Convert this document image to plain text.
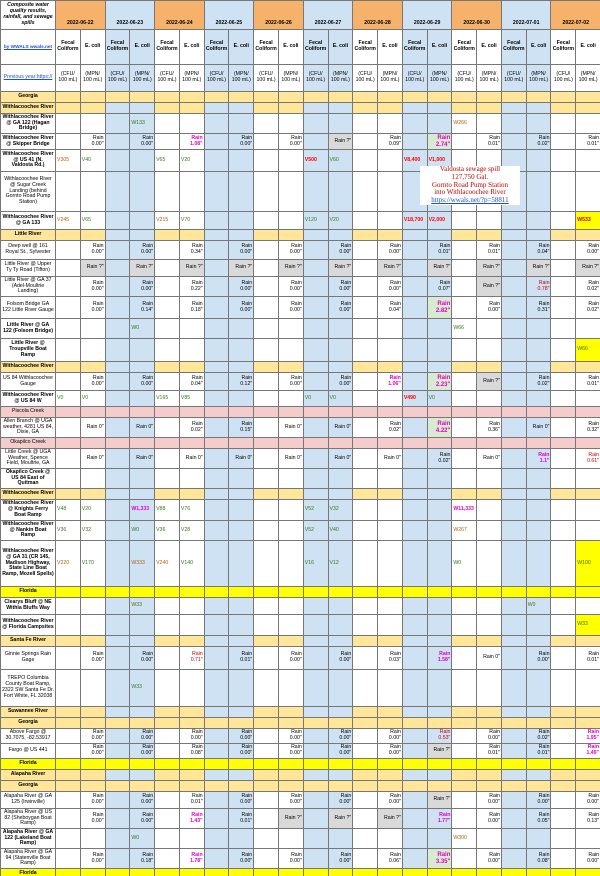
Composite water quality results, rainfall, and sewage spills	2022-06-22		2022-06-23		2022-06-24		2022-06-25		2022-06-26		2022-06-27		2022-06-28		2022-06-29		2022-06-30		2022-07-01		2022-07-02	
by WWALS wwals.net	Fecal Coliform	E. coli	Fecal Coliform	E. coli	Fecal Coliform	E. coli	Fecal Coliform	E. coli	Fecal Coliform	E. coli	Fecal Coliform	E. coli	Fecal Coliform	E. coli	Fecal Coliform	E. coli	Fecal Coliform	E. coli	Fecal Coliform	E. coli	Fecal Coliform	E. coli
Previous year:https://	(CFU/ 100 mL)	(MPN/ 100 mL)	(CFU/ 100 mL)	(MPN/ 100 mL)	(CFU/ 100 mL)	(MPN/ 100 mL)	(CFU/ 100 mL)	(MPN/ 100 mL)	(CFU/ 100 mL)	(MPN/ 100 mL)	(CFU/ 100 mL)	(MPN/ 100 mL)	(CFU/ 100 mL)	(MPN/ 100 mL)	(CFU/ 100 mL)	(MPN/ 100 mL)	(CFU/ 100 mL)	(MPN/ 100 mL)	(CFU/ 100 mL)	(MPN/ 100 mL)	(CFU/ 100 mL)	(MPN/ 100 mL)
Georgia																						
Withlacoochee River																						
Withlacoochee River @ GA 122 (Hagan Bridge)				W133													W266					
Withlacoochee River @ Skipper Bridge		Rain 0.00"		Rain 0.00"		Rain 1.08"		Rain 0.00"		Rain 0.00"		Rain ?"		Rain 0.09"		Rain 2.74"		Rain 0.01"		Rain 0.02"		Rain 0.01"
Withlacoochee River @ US 41 (N. Valdosta Rd.)	V305	V40			V65	V20					V500	V60			V8,400	V1,000						
Withlacoochee River @ Sugar Creek Landing (behind Gornto Road Pump Station)																						
Withlacoochee River @ GA 133	V245	V65			V215	V70					V120	V20			V18,700	V2,000						W533
Little River																						
Deep well @ 161 Royal St., Sylvester		Rain 0.00"		Rain 0.00"		Rain 0.34"		Rain 0.00"		Rain 0.00"		Rain 0.00"		Rain 0.00"		Rain 0.01"		Rain 0.01"		Rain 0.04"		Rain 0.00"
Little River @ Upper Ty Ty Road (Tifton)		Rain ?"		Rain ?"		Rain ?"		Rain ?"		Rain ?"		Rain ?"		Rain ?"		Rain ?"		Rain ?"		Rain ?"		Rain ?"
Little River @ GA 37 (Adel-Moultrie Landing)		Rain 0.00"		Rain 0.00"		Rain 0.22"		Rain 0.00"		Rain 0.00"		Rain 0.00"		Rain 0.00"		Rain 0.07"		Rain ?"		Rain 0.78"		Rain 0.02"
Folsom Bridge GA 122 Little River Gauge		Rain 0.00"		Rain 0.14"		Rain 0.18"		Rain 0.00"		Rain 0.00"		Rain 0.00"		Rain 0.04"		Rain 2.82"		Rain 0.00"		Rain 0.31"		Rain 0.02"
Little River @ GA 122 (Folsom Bridge)				W0													W66					
Little River @ Troupville Boat Ramp																						W66
Withlacoochee River																						
US 84 Withlacoochee Gauge		Rain 0.00"		Rain 0.00"		Rain 0.04"		Rain 0.12"		Rain 0.00"		Rain 0.00"		Rain 1.06"		Rain 2.23"		Rain ?"		Rain 0.02"		Rain 0.01"
Withlacoochee River @ US 84 W	V0	V0			V165	V85					V0	V0			V490	V0						
Piscola Creek																						
Allen Branch @ UGA weather, 4281 US 84, Dixie, GA		Rain 0"		Rain 0"		Rain 0.02"		Rain 0.15"		Rain 0"		Rain 0"		Rain 0.02"		Rain 4.22"		Rain 0.36"		Rain 0"		Rain 0.32"
Okapilco Creek																						
Little Creek @ UGA Weather, Spence Field, Moultrie, GA		Rain 0"		Rain 0"		Rain 0"		Rain 0"		Rain 0"		Rain 0"		Rain 0"		Rain 0.02"		Rain 0"		Rain 1.1"		Rain 0.61"
Okapilco Creek @ US 84 East of Quitman																						
Withlacoochee River																						
Withlacoochee River @ Knights Ferry Boat Ramp	V48	V20		W1,333	V88	V76					V52	V32					W11,333					
Withlacoochee River @ Nankin Boat Ramp	V36	V32		W0	V36	V28					V52	V40					W267					
Withlacoochee River @ GA 31 (CR 145, Madison Highway, State Line Boat Ramp, Mozell Spells)	V220	V170		W333	V240	V140					V16	V12					W0					W100
Florida																						
Clearys Bluff @ NE Withla Bluffs Way				W33																W0		
Withlacoochee River @ Florida Campsites																						W33
Santa Fe River																						
Ginnie Springs Rain Gage		Rain 0.00"		Rain 0.00"		Rain 0.71"		Rain 0.01"		Rain 0.00"		Rain 0.00"		Rain 0.03"		Rain 1.58"		Rain 0"		Rain 0.00"		Rain 0.01"
TREPO Columbia County Boat Ramp, 2322 SW Santa Fe Dr. Fort White, FL 32038				W33																		
Suwannee River																						
Georgia																						
Above Fargo @ 30.7075, -82.53917		Rain 0.00"		Rain 0.00"		Rain 0.00"		Rain 0.00"		Rain 0.00"		Rain 0.00"		Rain 0.00"		Rain 0.53"		Rain 0.00"		Rain 0.02"		Rain 1.95"
Fargo @ US 441		Rain 0.00"		Rain 0.00"		Rain 0.08"		Rain 0.00"		Rain 0.00"		Rain 0.00"		Rain 0.00"		Rain ?"		Rain 0.01"		Rain 0.01"		Rain 1.49"
Florida																						
Alapaha River																						
Georgia																						
Alapaha River @ GA 125 (Irwinville)		Rain 0.00"		Rain 0.00"		Rain 0.01"		Rain 0.00"		Rain 0.00"		Rain 0.00"		Rain 0.00"		Rain ?"		Rain 0.00"		Rain 0.00"		Rain 0.00"
Alapaha River @ US 82 (Sheboygan Boat Ramp)		Rain 0.00"		Rain 0.00"		Rain 1.43"		Rain 0.01"		Rain ?"		Rain ?"		Rain ?"		Rain 1.77"		Rain 0.00"		Rain 0.05"		Rain 0.13"
Alapaha River @ GA 122 (Lakeland Boat Ramp)				W0													W300					
Alapaha River @ GA 94 (Statenville Boat Ramp)		Rain 0.00"		Rain 0.18"		Rain 1.78"		Rain 0.00"		Rain 0.00"		Rain 0.00"		Rain 0.06"		Rain 3.35"		Rain 0.00"		Rain 0.08"		Rain 0.00"
Florida																						
Valdosta sewage spill
127,750 Gal.
Gornto Road Pump Station
into Withlacoochee River
https://wwals.net/?p=58811
